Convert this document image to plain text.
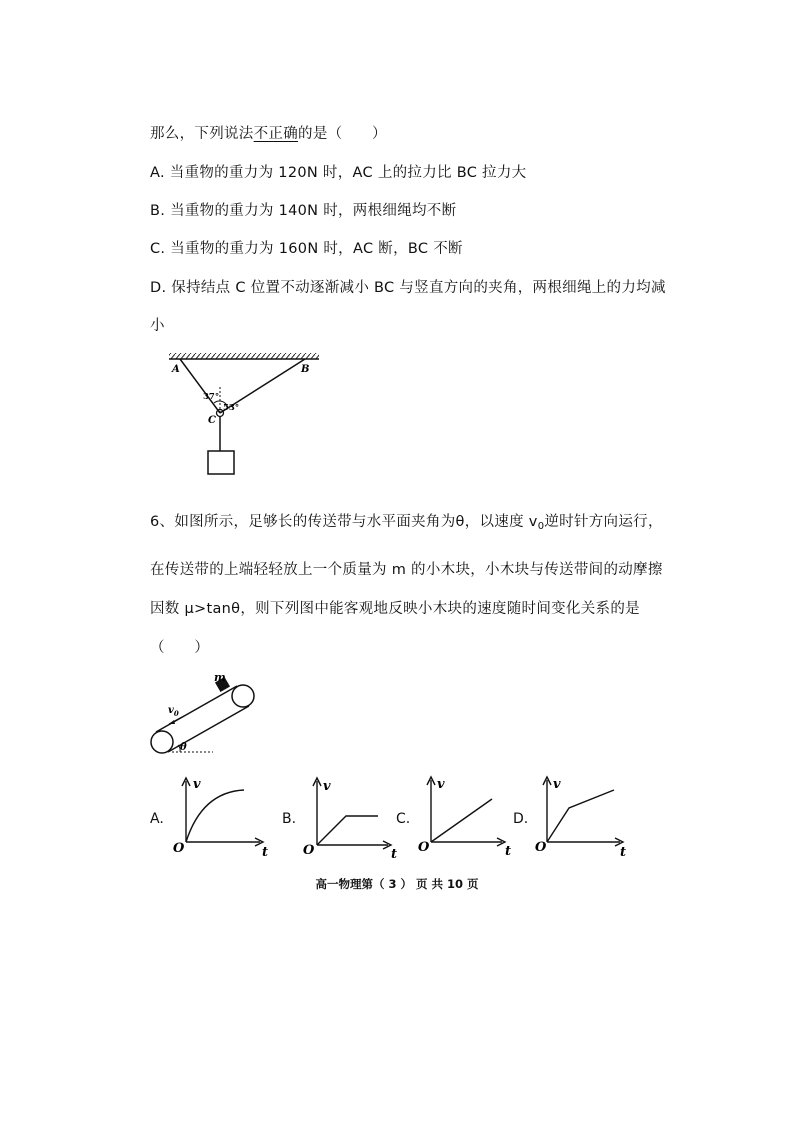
那么，下列说法不正确的是（　　）
A. 当重物的重力为 120N 时，AC 上的拉力比 BC 拉力大
B. 当重物的重力为 140N 时，两根细绳均不断
C. 当重物的重力为 160N 时，AC 断，BC 不断
D. 保持结点 C 位置不动逐渐减小 BC 与竖直方向的夹角，两根细绳上的力均减
小
A	B
C
37°
53°
6、如图所示，足够长的传送带与水平面夹角为θ，以速度 $v_0$逆时针方向运行，
在传送带的上端轻轻放上一个质量为 m 的小木块，小木块与传送带间的动摩擦
因数 μ>tanθ，则下列图中能客观地反映小木块的速度随时间变化关系的是
（　　）
m
$v_0$
θ
A.
v
t
O
B.
v
t
O
C.
v
t
O
D.
v
t
O
高一物理第（ 3 ） 页 共 10 页
